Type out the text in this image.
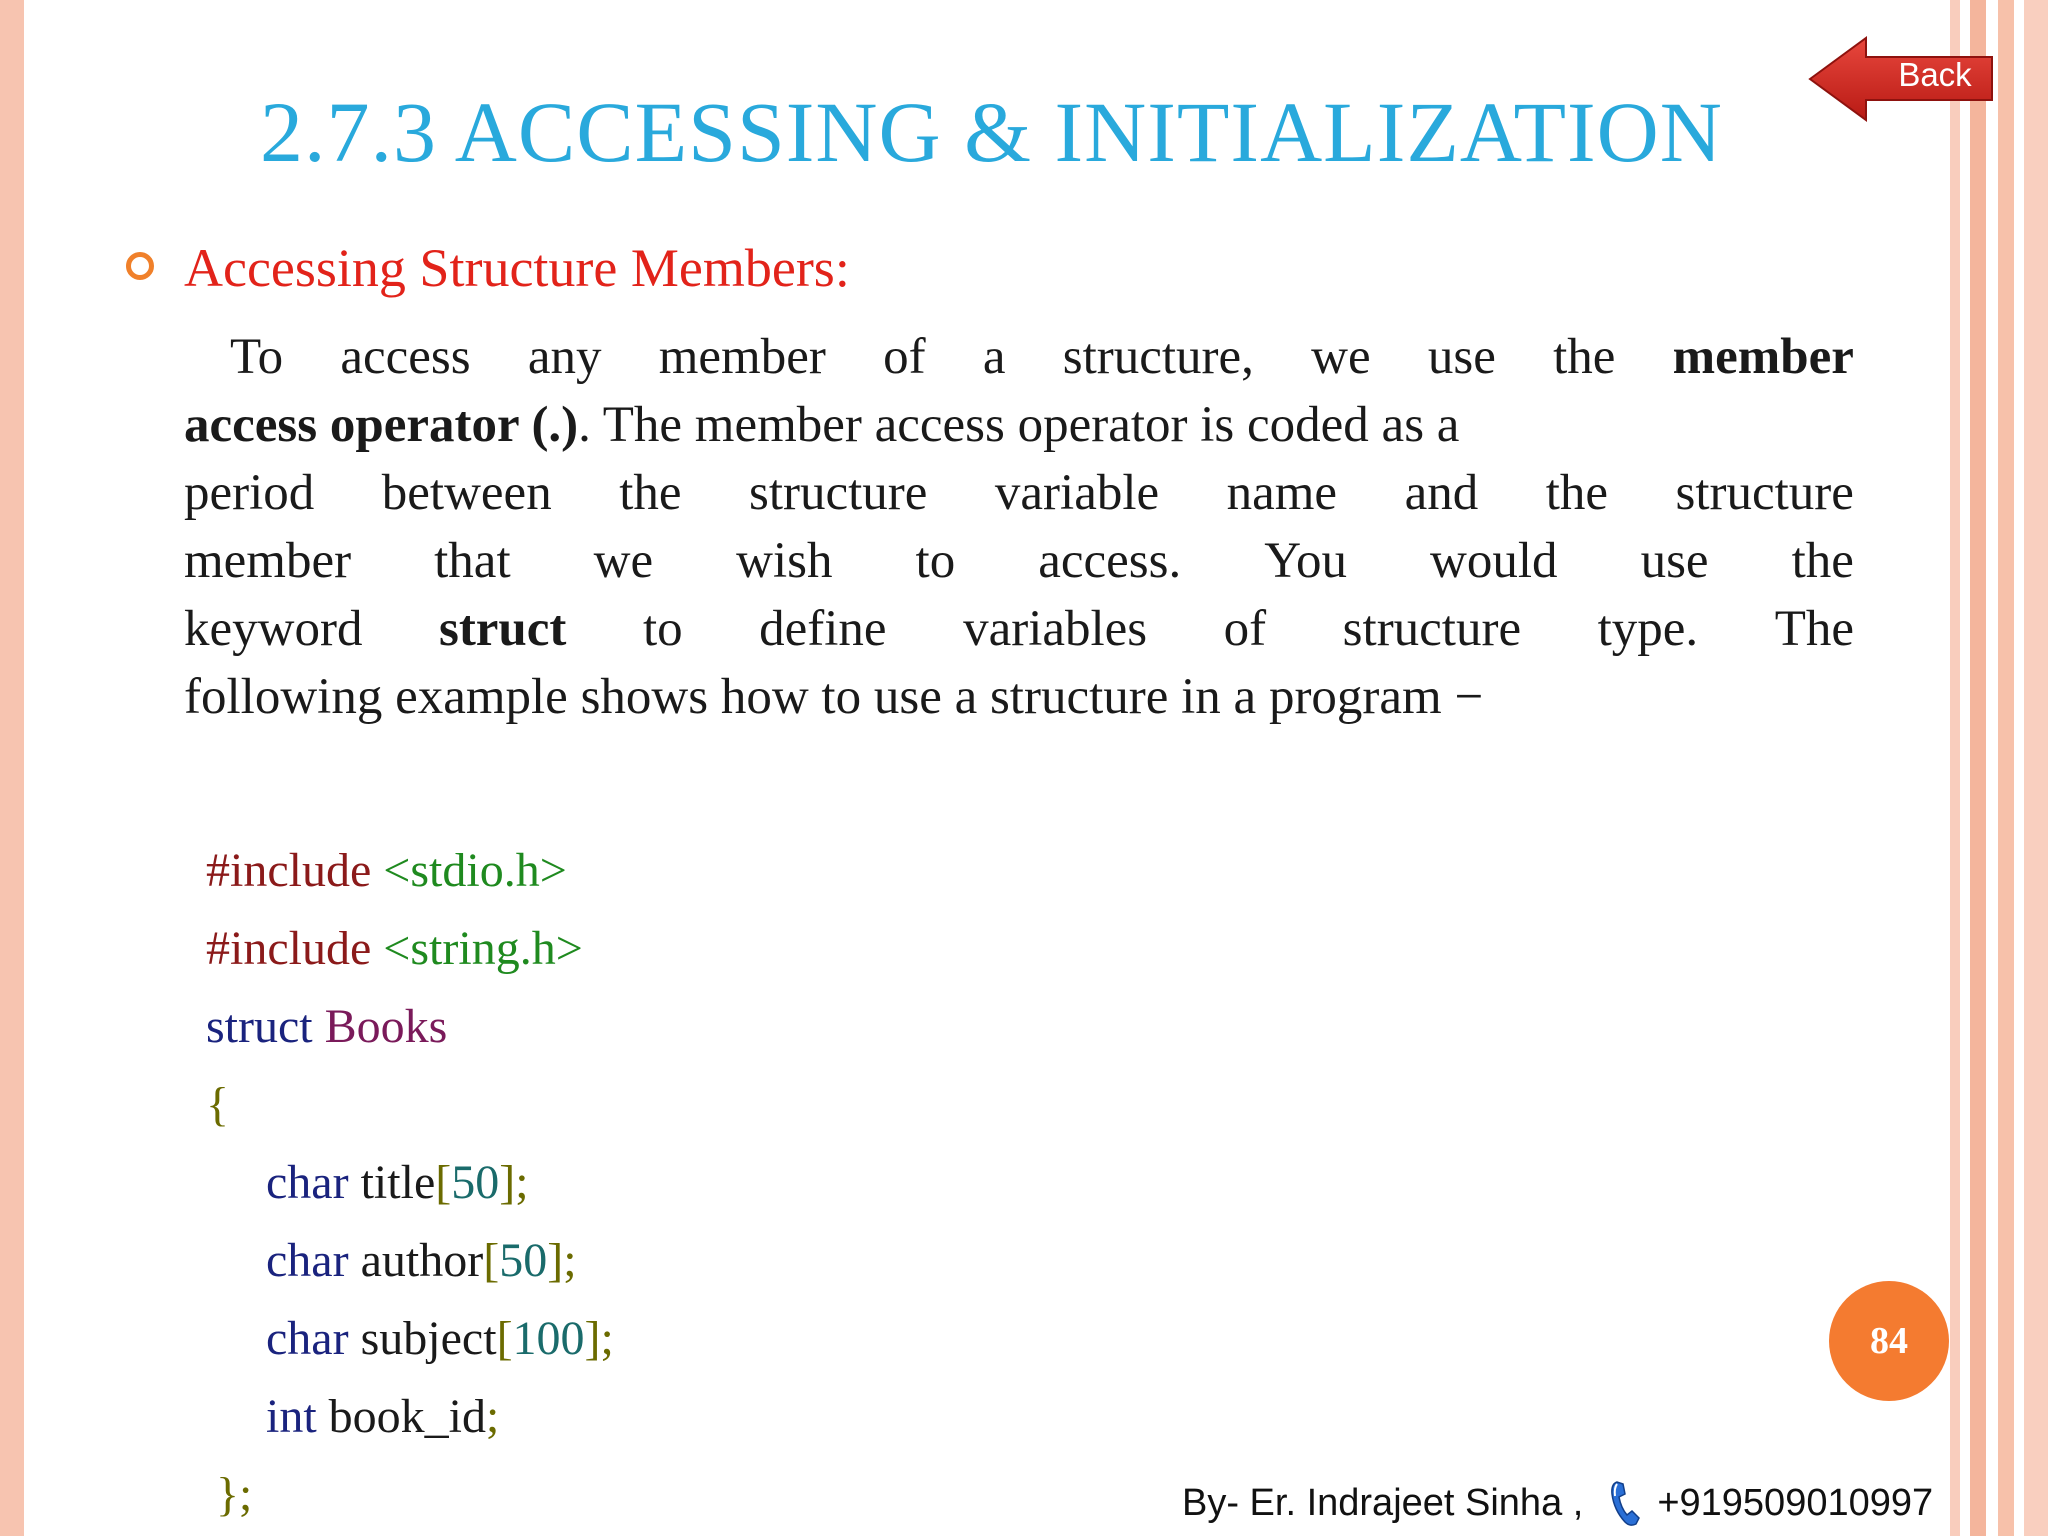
Back
2.7.3 ACCESSING & INITIALIZATION
Accessing Structure Members:
To access any member of a structure, we use the member
access operator (.). The member access operator is coded as a
period between the structure variable name and the structure
member that we wish to access. You would use the
keyword struct to define variables of structure type. The
following example shows how to use a structure in a program −
#include <stdio.h>
#include <string.h>
struct Books
{
char title[50];
char author[50];
char subject[100];
int book_id;
};
84
By- Er. Indrajeet Sinha , +919509010997
